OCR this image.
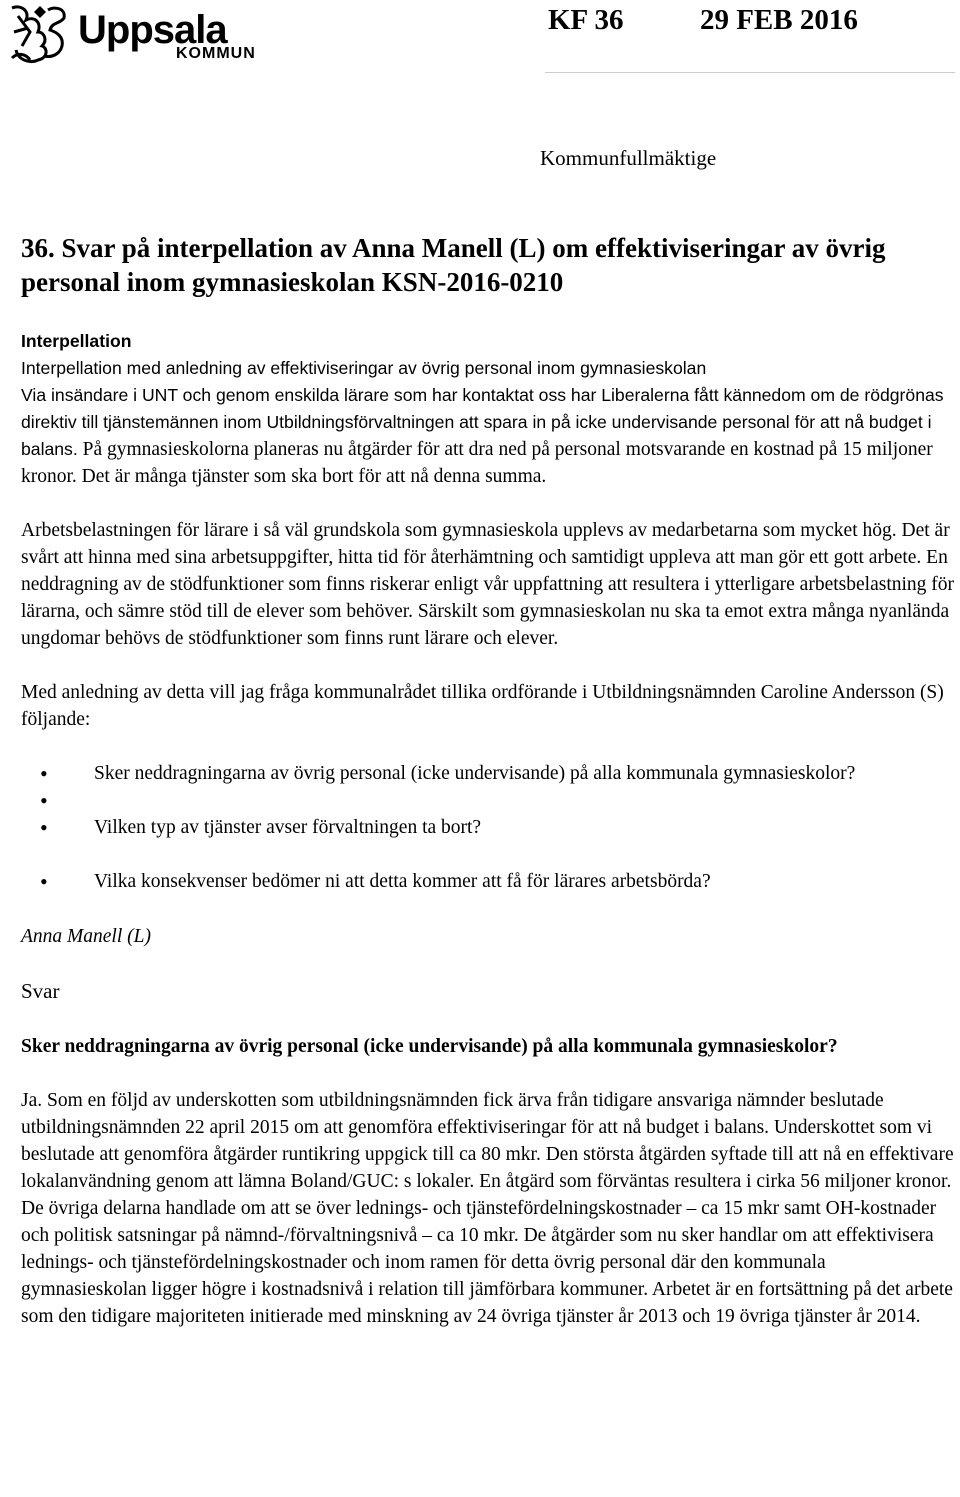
Uppsala
KOMMUN
KF 36	29 FEB 2016
Kommunfullmäktige
36. Svar på interpellation av Anna Manell (L) om effektiviseringar av övrig personal inom gymnasieskolan KSN-2016-0210

Interpellation

Interpellation med anledning av effektiviseringar av övrig personal inom gymnasieskolan

Via insändare i UNT och genom enskilda lärare som har kontaktat oss har Liberalerna fått kännedom om de rödgrönas direktiv till tjänstemännen inom Utbildningsförvaltningen att spara in på icke undervisande personal för att nå budget i balans. På gymnasieskolorna planeras nu åtgärder för att dra ned på personal motsvarande en kostnad på 15 miljoner kronor. Det är många tjänster som ska bort för att nå denna summa.

Arbetsbelastningen för lärare i så väl grundskola som gymnasieskola upplevs av medarbetarna som mycket hög. Det är svårt att hinna med sina arbetsuppgifter, hitta tid för återhämtning och samtidigt uppleva att man gör ett gott arbete. En neddragning av de stödfunktioner som finns riskerar enligt vår uppfattning att resultera i ytterligare arbetsbelastning för lärarna, och sämre stöd till de elever som behöver. Särskilt som gymnasieskolan nu ska ta emot extra många nyanlända ungdomar behövs de stödfunktioner som finns runt lärare och elever.

Med anledning av detta vill jag fråga kommunalrådet tillika ordförande i Utbildningsnämnden Caroline Andersson (S) följande:

• Sker neddragningarna av övrig personal (icke undervisande) på alla kommunala gymnasieskolor?
•
• Vilken typ av tjänster avser förvaltningen ta bort?
• Vilka konsekvenser bedömer ni att detta kommer att få för lärares arbetsbörda?

Anna Manell (L)

Svar

Sker neddragningarna av övrig personal (icke undervisande) på alla kommunala gymnasieskolor?

Ja. Som en följd av underskotten som utbildningsnämnden fick ärva från tidigare ansvariga nämnder beslutade utbildningsnämnden 22 april 2015 om att genomföra effektiviseringar för att nå budget i balans. Underskottet som vi beslutade att genomföra åtgärder runtikring uppgick till ca 80 mkr. Den största åtgärden syftade till att nå en effektivare lokalanvändning genom att lämna Boland/GUC: s lokaler. En åtgärd som förväntas resultera i cirka 56 miljoner kronor. De övriga delarna handlade om att se över lednings- och tjänstefördelningskostnader – ca 15 mkr samt OH-kostnader och politisk satsningar på nämnd-/förvaltningsnivå – ca 10 mkr. De åtgärder som nu sker handlar om att effektivisera lednings- och tjänstefördelningskostnader och inom ramen för detta övrig personal där den kommunala gymnasieskolan ligger högre i kostnadsnivå i relation till jämförbara kommuner. Arbetet är en fortsättning på det arbete som den tidigare majoriteten initierade med minskning av 24 övriga tjänster år 2013 och 19 övriga tjänster år 2014.
